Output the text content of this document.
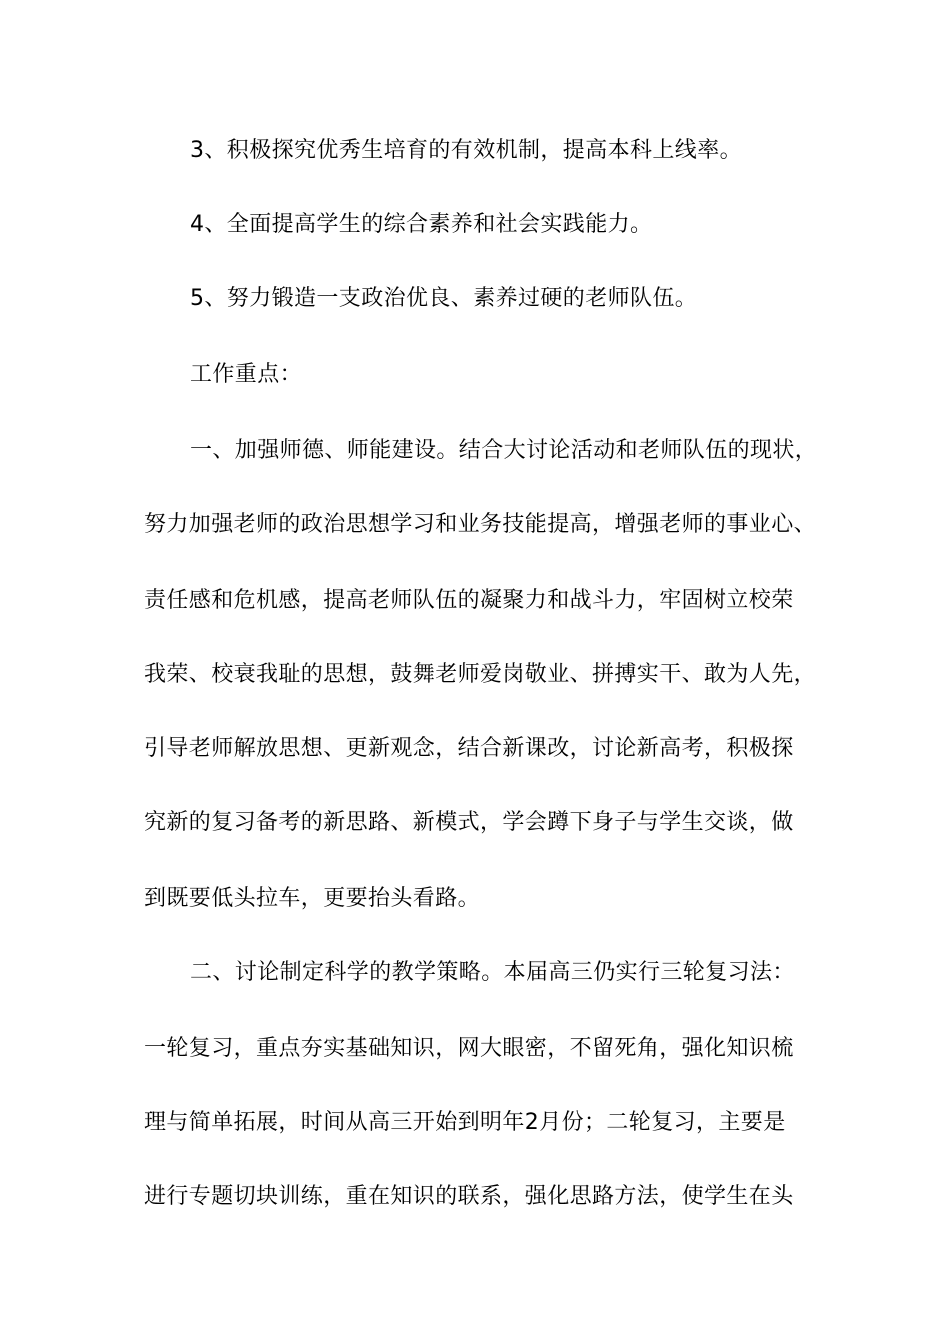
3、积极探究优秀生培育的有效机制，提高本科上线率。
4、全面提高学生的综合素养和社会实践能力。
5、努力锻造一支政治优良、素养过硬的老师队伍。
工作重点：
一、加强师德、师能建设。结合大讨论活动和老师队伍的现状，
努力加强老师的政治思想学习和业务技能提高，增强老师的事业心、
责任感和危机感，提高老师队伍的凝聚力和战斗力，牢固树立校荣
我荣、校衰我耻的思想，鼓舞老师爱岗敬业、拼搏实干、敢为人先，
引导老师解放思想、更新观念，结合新课改，讨论新高考，积极探
究新的复习备考的新思路、新模式，学会蹲下身子与学生交谈，做
到既要低头拉车，更要抬头看路。
二、讨论制定科学的教学策略。本届高三仍实行三轮复习法：
一轮复习，重点夯实基础知识，网大眼密，不留死角，强化知识梳
理与简单拓展，时间从高三开始到明年2月份；二轮复习，主要是
进行专题切块训练，重在知识的联系，强化思路方法，使学生在头
